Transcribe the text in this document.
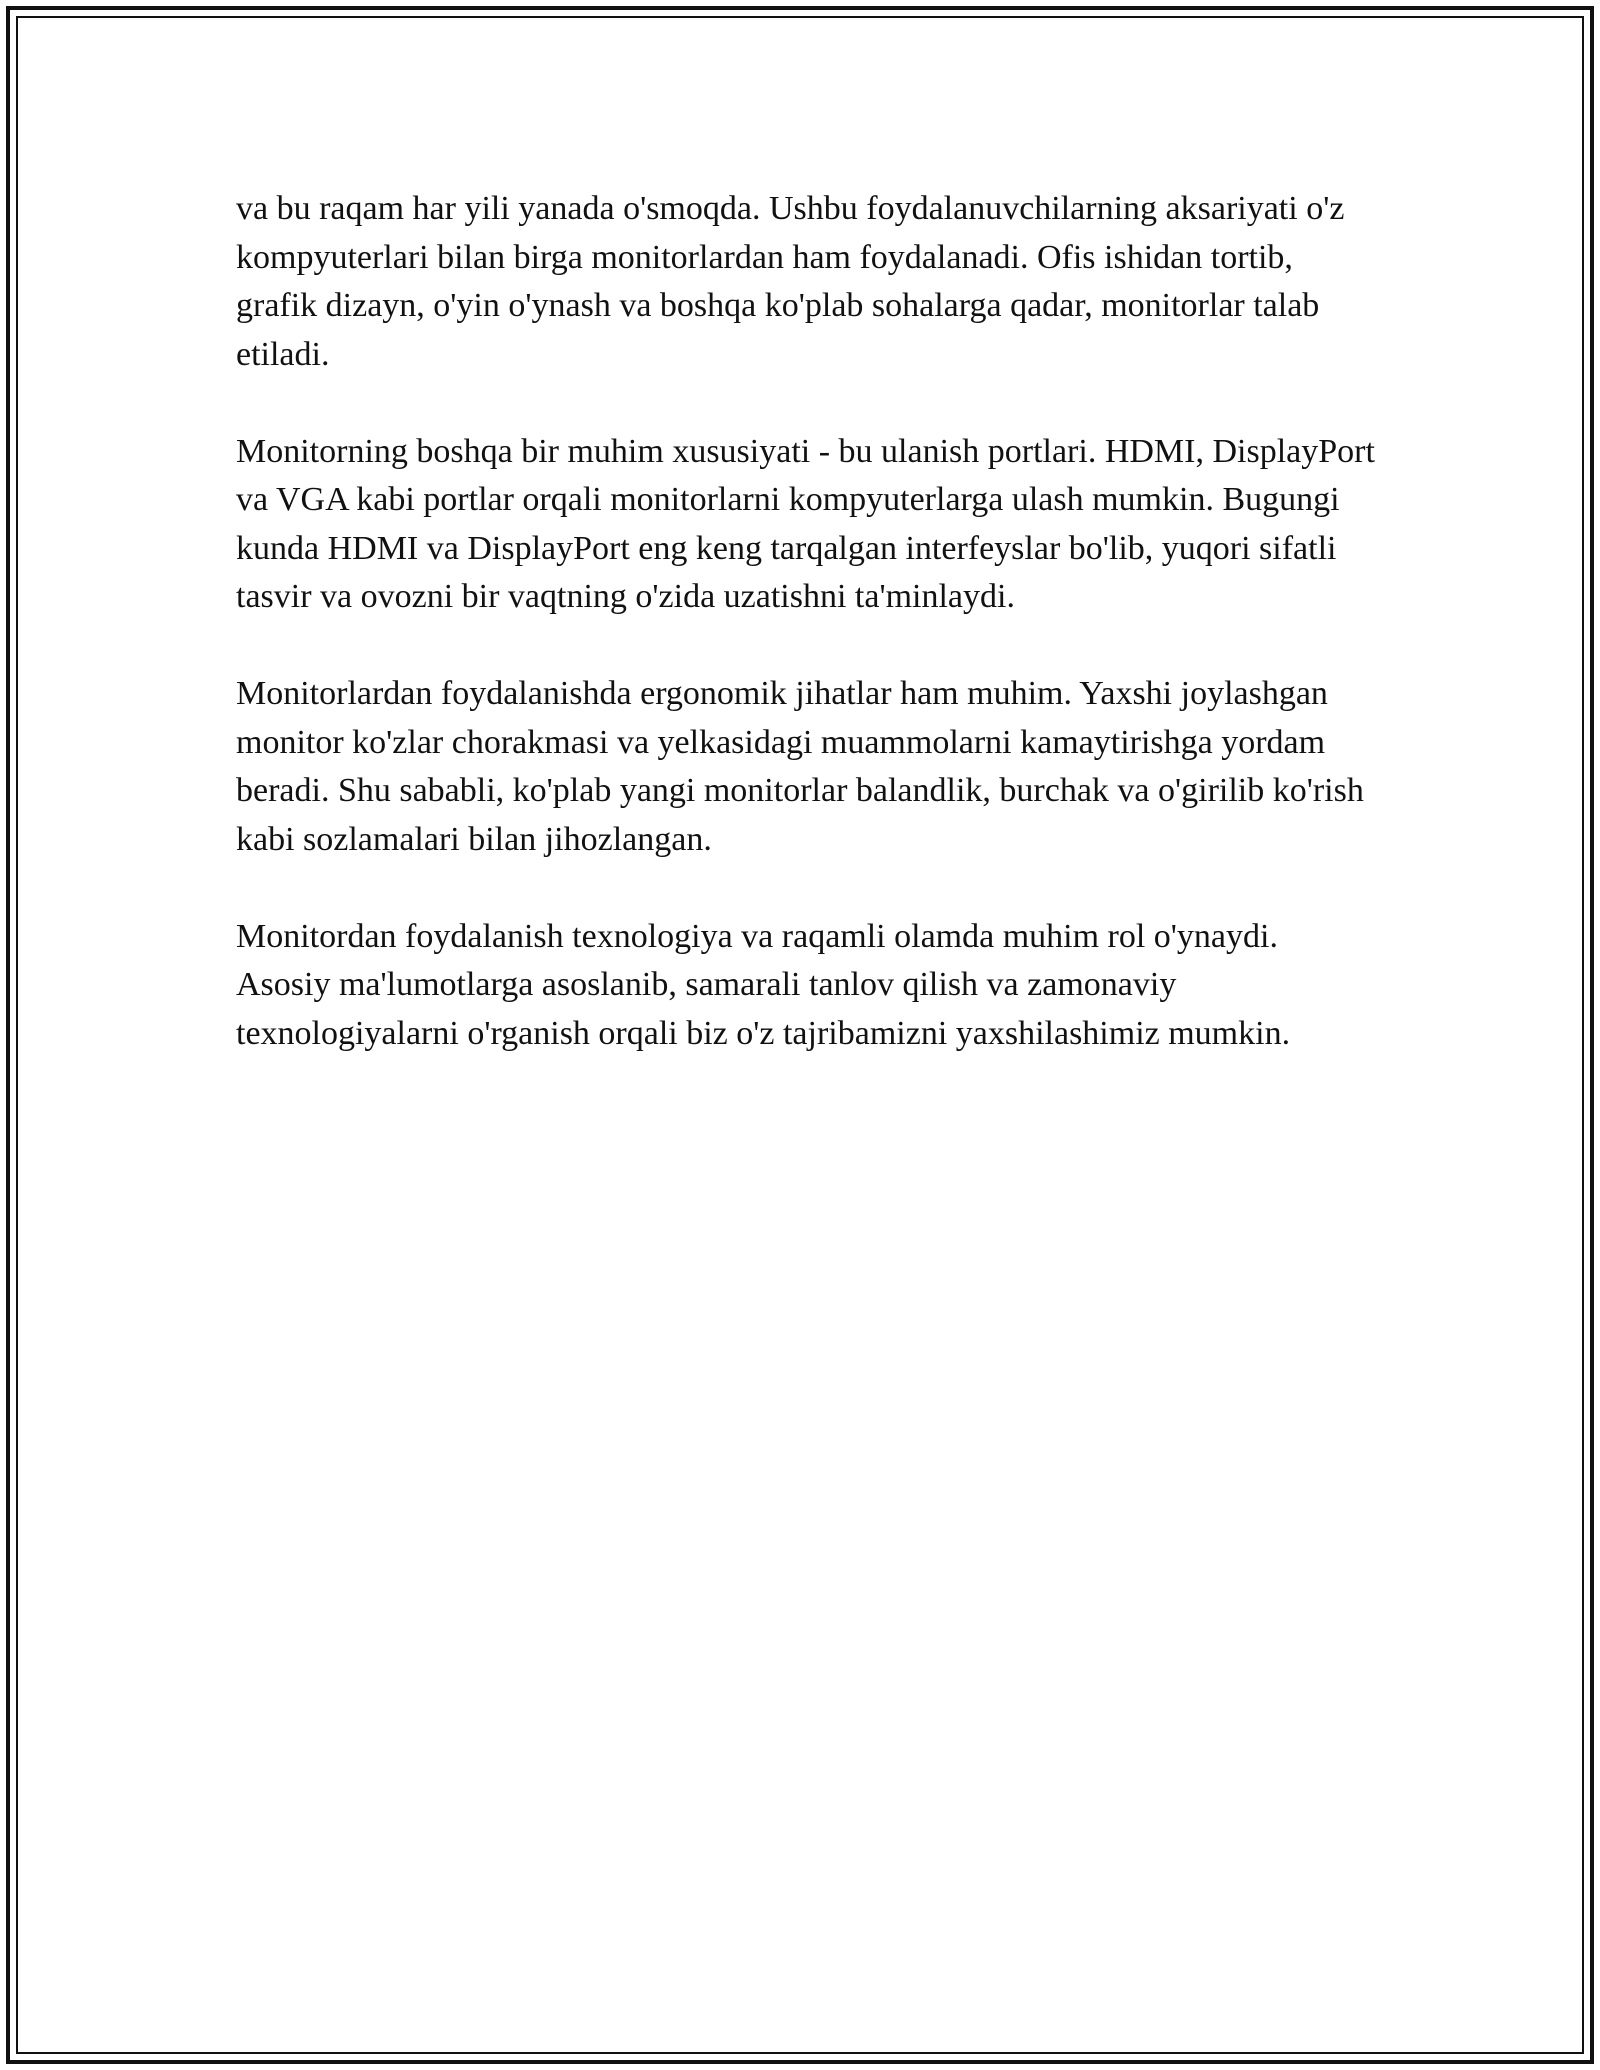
va bu raqam har yili yanada o'smoqda. Ushbu foydalanuvchilarning aksariyati o'z kompyuterlari bilan birga monitorlardan ham foydalanadi. Ofis ishidan tortib, grafik dizayn, o'yin o'ynash va boshqa ko'plab sohalarga qadar, monitorlar talab etiladi.

Monitorning boshqa bir muhim xususiyati - bu ulanish portlari. HDMI, DisplayPort va VGA kabi portlar orqali monitorlarni kompyuterlarga ulash mumkin. Bugungi kunda HDMI va DisplayPort eng keng tarqalgan interfeyslar bo'lib, yuqori sifatli tasvir va ovozni bir vaqtning o'zida uzatishni ta'minlaydi.

Monitorlardan foydalanishda ergonomik jihatlar ham muhim. Yaxshi joylashgan monitor ko'zlar chorakmasi va yelkasidagi muammolarni kamaytirishga yordam beradi. Shu sababli, ko'plab yangi monitorlar balandlik, burchak va o'girilib ko'rish kabi sozlamalari bilan jihozlangan.

Monitordan foydalanish texnologiya va raqamli olamda muhim rol o'ynaydi. Asosiy ma'lumotlarga asoslanib, samarali tanlov qilish va zamonaviy texnologiyalarni o'rganish orqali biz o'z tajribamizni yaxshilashimiz mumkin.
